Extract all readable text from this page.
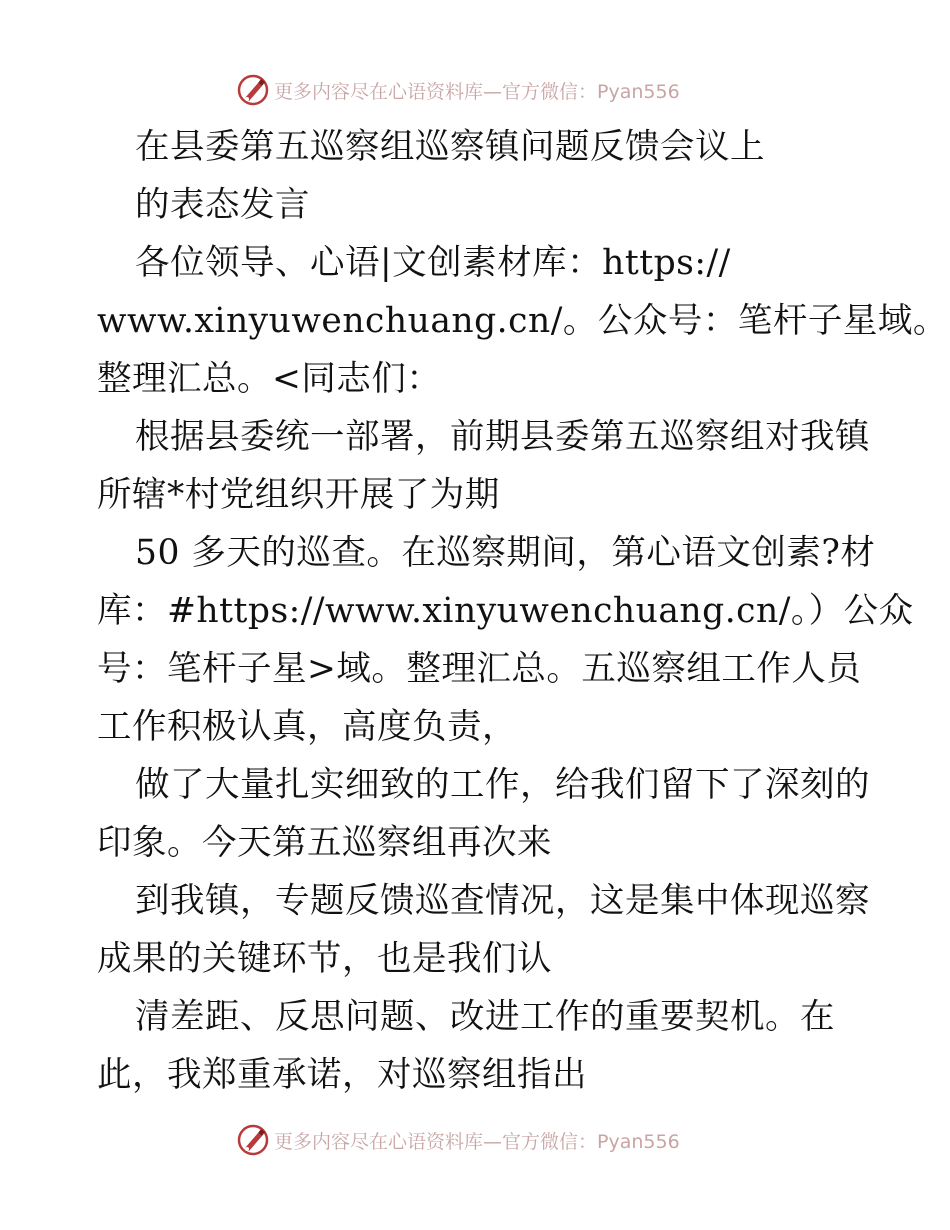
更多内容尽在心语资料库—官方微信：Pyan556
在县委第五巡察组巡察镇问题反馈会议上
的表态发言
各位领导、心语|文创素材库：https://
www.xinyuwenchuang.cn/。公众号：笔杆子星域。
整理汇总。<同志们：
根据县委统一部署，前期县委第五巡察组对我镇
所辖*村党组织开展了为期
50 多天的巡查。在巡察期间，第心语文创素?材
库：#https://www.xinyuwenchuang.cn/。）公众
号：笔杆子星>域。整理汇总。五巡察组工作人员
工作积极认真，高度负责，
做了大量扎实细致的工作，给我们留下了深刻的
印象。今天第五巡察组再次来
到我镇，专题反馈巡查情况，这是集中体现巡察
成果的关键环节，也是我们认
清差距、反思问题、改进工作的重要契机。在
此，我郑重承诺，对巡察组指出
更多内容尽在心语资料库—官方微信：Pyan556
